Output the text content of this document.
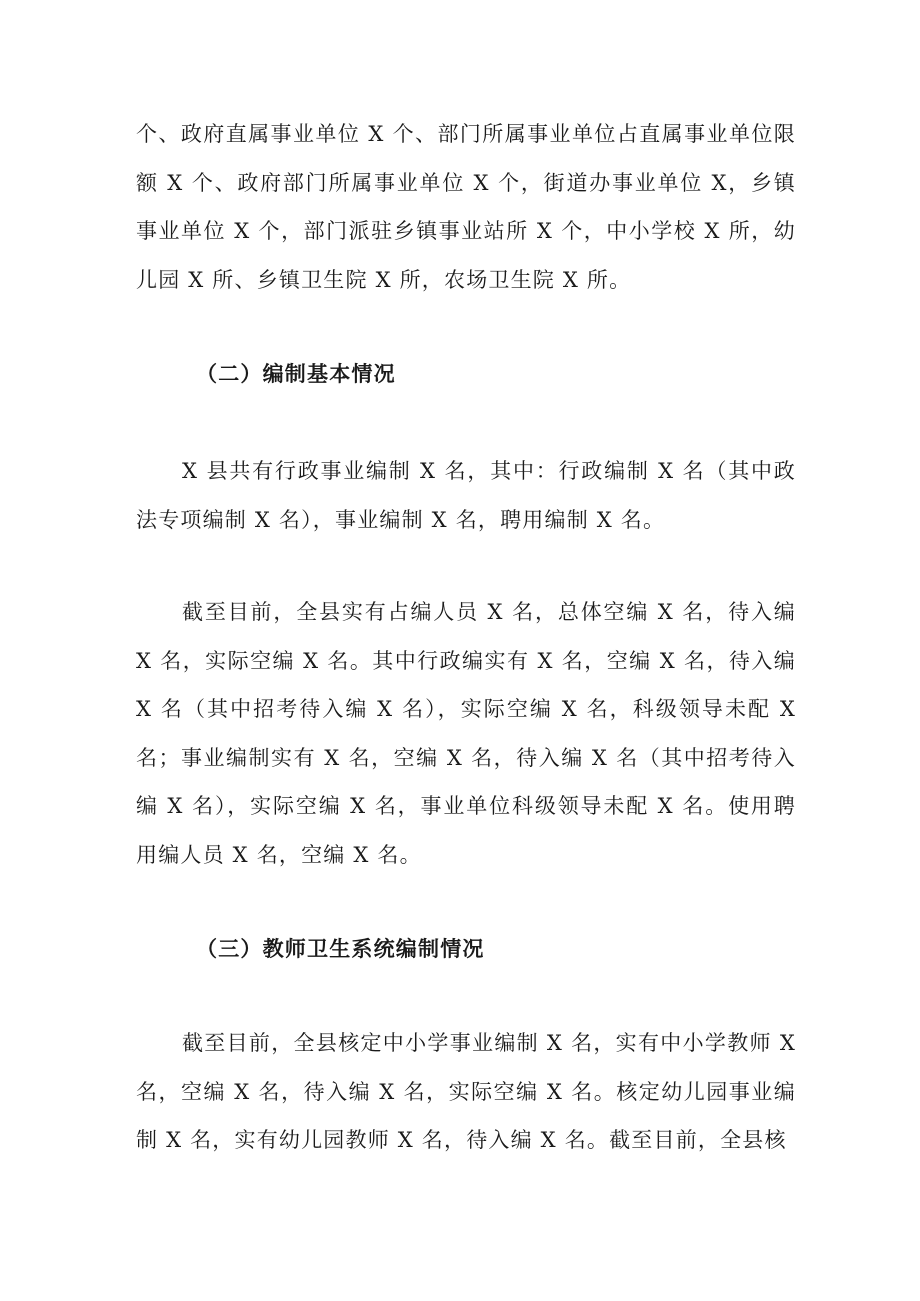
个、政府直属事业单位 X 个、部门所属事业单位占直属事业单位限额 X 个、政府部门所属事业单位 X 个，街道办事业单位 X，乡镇事业单位 X 个，部门派驻乡镇事业站所 X 个，中小学校 X 所，幼儿园 X 所、乡镇卫生院 X 所，农场卫生院 X 所。

（二）编制基本情况

X 县共有行政事业编制 X 名，其中：行政编制 X 名（其中政法专项编制 X 名），事业编制 X 名，聘用编制 X 名。

截至目前，全县实有占编人员 X 名，总体空编 X 名，待入编 X 名，实际空编 X 名。其中行政编实有 X 名，空编 X 名，待入编 X 名（其中招考待入编 X 名），实际空编 X 名，科级领导未配 X 名；事业编制实有 X 名，空编 X 名，待入编 X 名（其中招考待入编 X 名），实际空编 X 名，事业单位科级领导未配 X 名。使用聘用编人员 X 名，空编 X 名。

（三）教师卫生系统编制情况

截至目前，全县核定中小学事业编制 X 名，实有中小学教师 X 名，空编 X 名，待入编 X 名，实际空编 X 名。核定幼儿园事业编制 X 名，实有幼儿园教师 X 名，待入编 X 名。截至目前，全县核
